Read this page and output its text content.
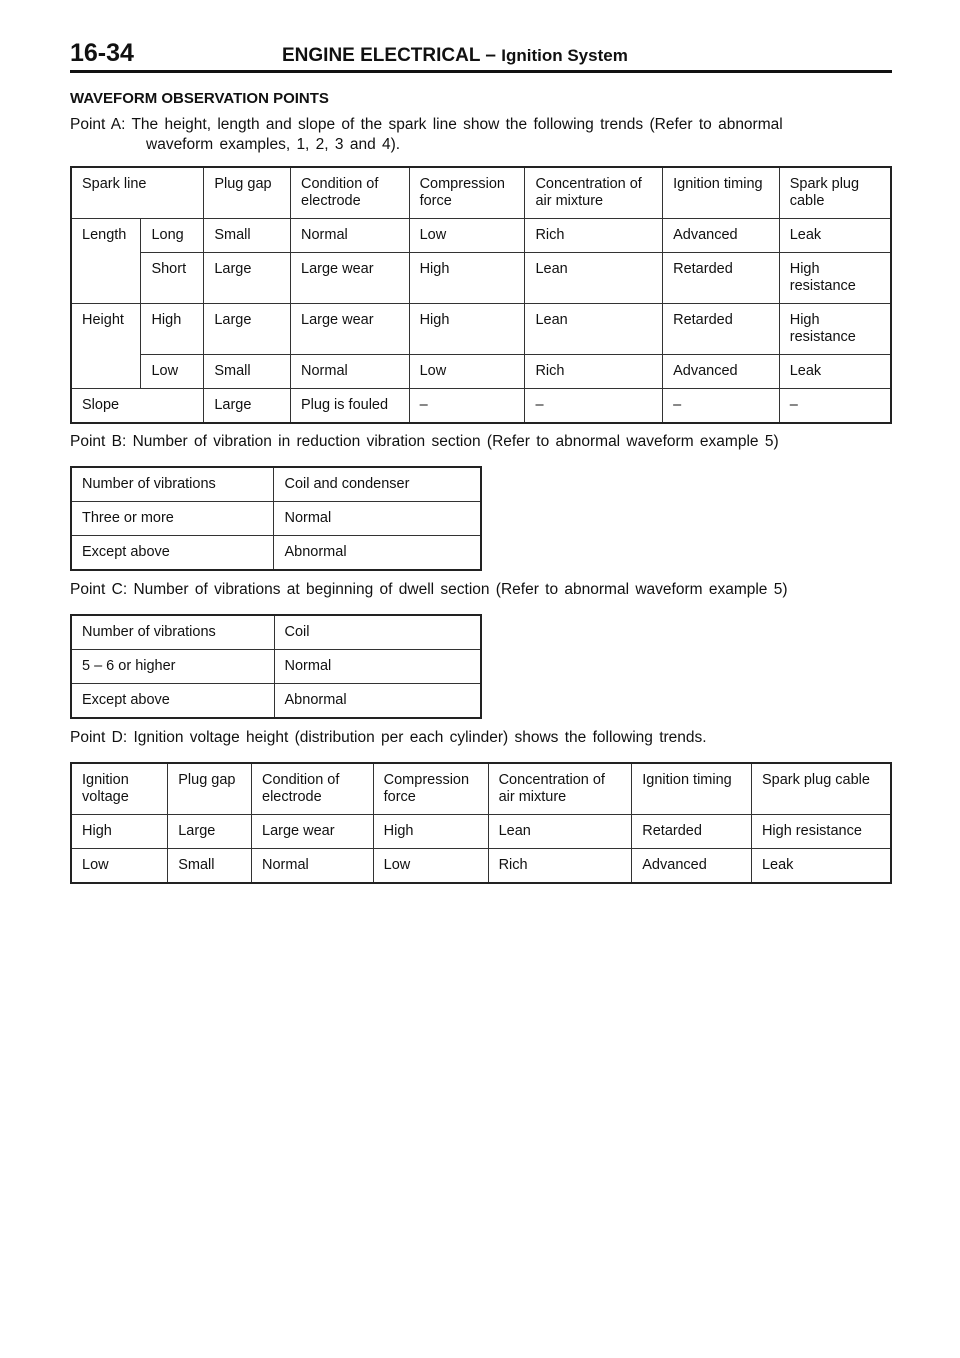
16-34	ENGINE ELECTRICAL – Ignition System
WAVEFORM OBSERVATION POINTS
Point A: The height, length and slope of the spark line show the following trends (Refer to abnormal
waveform examples, 1, 2, 3 and 4).
Spark line		Plug gap	Condition of electrode	Compression force	Concentration of air mixture	Ignition timing	Spark plug cable
Length	Long	Small	Normal	Low	Rich	Advanced	Leak
	Short	Large	Large wear	High	Lean	Retarded	High resistance
Height	High	Large	Large wear	High	Lean	Retarded	High resistance
	Low	Small	Normal	Low	Rich	Advanced	Leak
Slope		Large	Plug is fouled	–	–	–	–
Point B: Number of vibration in reduction vibration section (Refer to abnormal waveform example 5)
Number of vibrations	Coil and condenser
Three or more	Normal
Except above	Abnormal
Point C: Number of vibrations at beginning of dwell section (Refer to abnormal waveform example 5)
Number of vibrations	Coil
5 – 6 or higher	Normal
Except above	Abnormal
Point D: Ignition voltage height (distribution per each cylinder) shows the following trends.
Ignition voltage	Plug gap	Condition of electrode	Compression force	Concentration of air mixture	Ignition timing	Spark plug cable
High	Large	Large wear	High	Lean	Retarded	High resistance
Low	Small	Normal	Low	Rich	Advanced	Leak
